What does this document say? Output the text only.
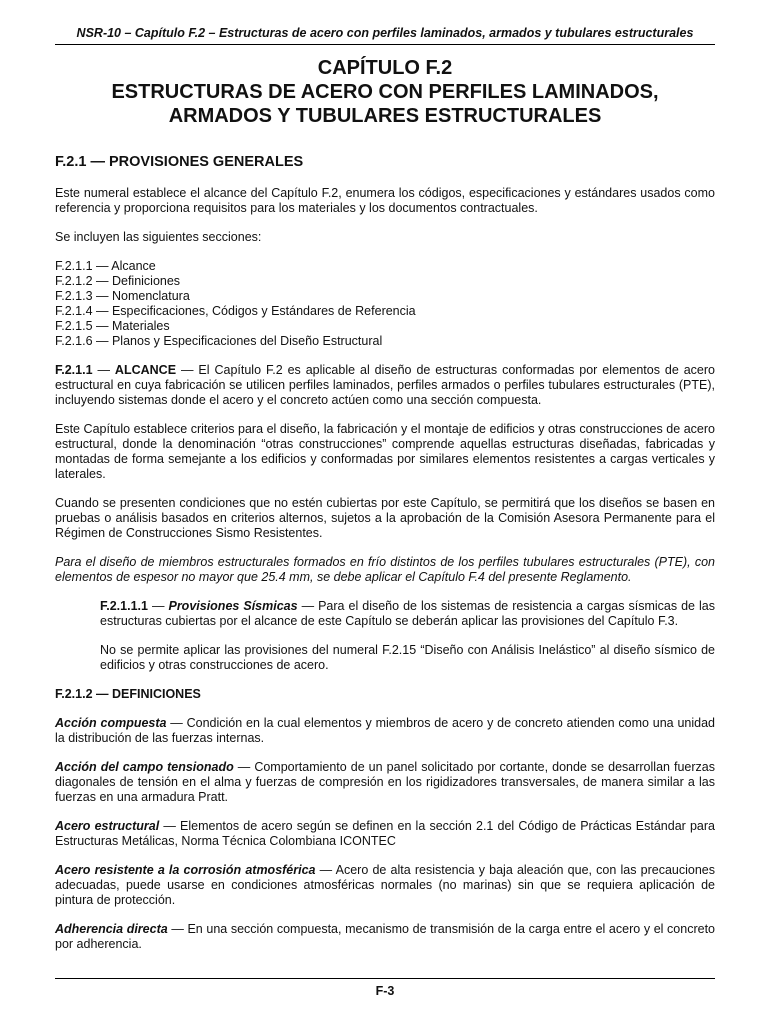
NSR-10 – Capítulo F.2 – Estructuras de acero con perfiles laminados, armados y tubulares estructurales
CAPÍTULO F.2
ESTRUCTURAS DE ACERO CON PERFILES LAMINADOS,
ARMADOS Y TUBULARES ESTRUCTURALES
F.2.1 — PROVISIONES GENERALES

Este numeral establece el alcance del Capítulo F.2, enumera los códigos, especificaciones y estándares usados como referencia y proporciona requisitos para los materiales y los documentos contractuales.

Se incluyen las siguientes secciones:

F.2.1.1 — Alcance
F.2.1.2 — Definiciones
F.2.1.3 — Nomenclatura
F.2.1.4 — Especificaciones, Códigos y Estándares de Referencia
F.2.1.5 — Materiales
F.2.1.6 — Planos y Especificaciones del Diseño Estructural

F.2.1.1 — ALCANCE — El Capítulo F.2 es aplicable al diseño de estructuras conformadas por elementos de acero estructural en cuya fabricación se utilicen perfiles laminados, perfiles armados o perfiles tubulares estructurales (PTE), incluyendo sistemas donde el acero y el concreto actúen como una sección compuesta.

Este Capítulo establece criterios para el diseño, la fabricación y el montaje de edificios y otras construcciones de acero estructural, donde la denominación “otras construcciones” comprende aquellas estructuras diseñadas, fabricadas y montadas de forma semejante a los edificios y conformadas por similares elementos resistentes a cargas verticales y laterales.

Cuando se presenten condiciones que no estén cubiertas por este Capítulo, se permitirá que los diseños se basen en pruebas o análisis basados en criterios alternos, sujetos a la aprobación de la Comisión Asesora Permanente para el Régimen de Construcciones Sismo Resistentes.

Para el diseño de miembros estructurales formados en frío distintos de los perfiles tubulares estructurales (PTE), con elementos de espesor no mayor que 25.4 mm, se debe aplicar el Capítulo F.4 del presente Reglamento.

F.2.1.1.1 — Provisiones Sísmicas — Para el diseño de los sistemas de resistencia a cargas sísmicas de las estructuras cubiertas por el alcance de este Capítulo se deberán aplicar las provisiones del Capítulo F.3.

No se permite aplicar las provisiones del numeral F.2.15 “Diseño con Análisis Inelástico” al diseño sísmico de edificios y otras construcciones de acero.

F.2.1.2 — DEFINICIONES

Acción compuesta — Condición en la cual elementos y miembros de acero y de concreto atienden como una unidad la distribución de las fuerzas internas.

Acción del campo tensionado — Comportamiento de un panel solicitado por cortante, donde se desarrollan fuerzas diagonales de tensión en el alma y fuerzas de compresión en los rigidizadores transversales, de manera similar a las fuerzas en una armadura Pratt.

Acero estructural — Elementos de acero según se definen en la sección 2.1 del Código de Prácticas Estándar para Estructuras Metálicas, Norma Técnica Colombiana ICONTEC

Acero resistente a la corrosión atmosférica — Acero de alta resistencia y baja aleación que, con las precauciones adecuadas, puede usarse en condiciones atmosféricas normales (no marinas) sin que se requiera aplicación de pintura de protección.

Adherencia directa — En una sección compuesta, mecanismo de transmisión de la carga entre el acero y el concreto por adherencia.

F-3
